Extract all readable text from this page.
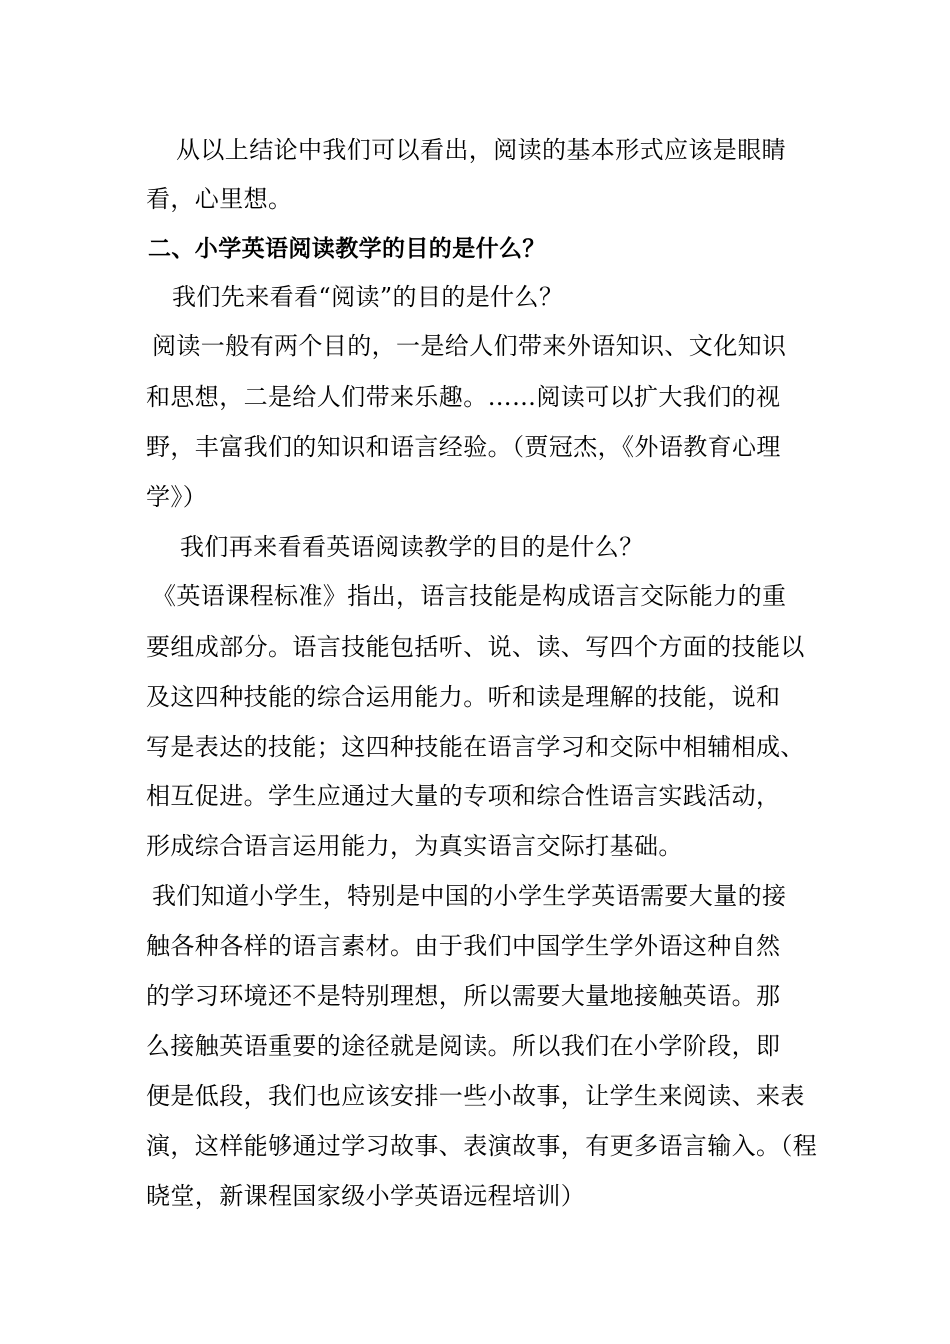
从以上结论中我们可以看出，阅读的基本形式应该是眼睛
看，心里想。
二、小学英语阅读教学的目的是什么？
我们先来看看“阅读”的目的是什么？
阅读一般有两个目的，一是给人们带来外语知识、文化知识
和思想，二是给人们带来乐趣。……阅读可以扩大我们的视
野，丰富我们的知识和语言经验。（贾冠杰，《外语教育心理
学》）
我们再来看看英语阅读教学的目的是什么？
《英语课程标准》指出，语言技能是构成语言交际能力的重
要组成部分。语言技能包括听、说、读、写四个方面的技能以
及这四种技能的综合运用能力。听和读是理解的技能，说和
写是表达的技能；这四种技能在语言学习和交际中相辅相成、
相互促进。学生应通过大量的专项和综合性语言实践活动，
形成综合语言运用能力，为真实语言交际打基础。
我们知道小学生，特别是中国的小学生学英语需要大量的接
触各种各样的语言素材。由于我们中国学生学外语这种自然
的学习环境还不是特别理想，所以需要大量地接触英语。那
么接触英语重要的途径就是阅读。所以我们在小学阶段，即
便是低段，我们也应该安排一些小故事，让学生来阅读、来表
演，这样能够通过学习故事、表演故事，有更多语言输入。（程
晓堂，新课程国家级小学英语远程培训）
